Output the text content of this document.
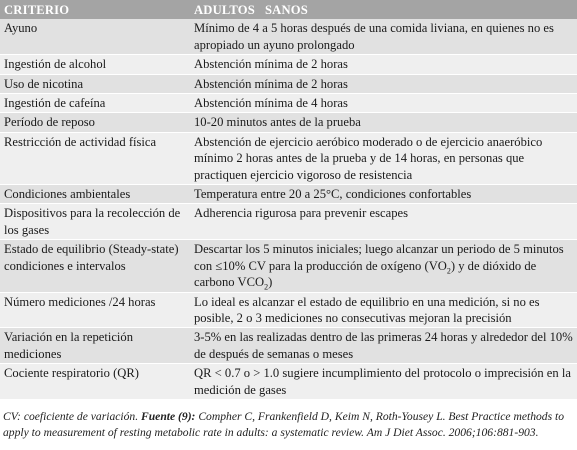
CRITERIO	ADULTOS   SANOS
Ayuno	Mínimo de 4 a 5 horas después de una comida liviana, en quienes no es apropiado un ayuno prolongado
Ingestión de alcohol	Abstención mínima de 2 horas
Uso de nicotina	Abstención mínima de 2 horas
Ingestión de cafeína	Abstención mínima de 4 horas
Período de reposo	10-20 minutos antes de la prueba
Restricción de actividad física	Abstención de ejercicio aeróbico moderado o de ejercicio anaeróbico mínimo 2 horas antes de la prueba y de 14 horas, en personas que practiquen ejercicio vigoroso de resistencia
Condiciones ambientales	Temperatura entre 20 a 25°C, condiciones confortables
Dispositivos para la recolección de los gases	Adherencia rigurosa para prevenir escapes
Estado de equilibrio (Steady-state) condiciones e intervalos	Descartar los 5 minutos iniciales; luego alcanzar un periodo de 5 minutos con ≤10% CV para la producción de oxígeno $(VO_2)$ y de dióxido de carbono $VCO_2$)
Número mediciones /24 horas	Lo ideal es alcanzar el estado de equilibrio en una medición, si no es posible, 2 o 3 mediciones no consecutivas mejoran la precisión
Variación en la repetición mediciones	3-5% en las realizadas dentro de las primeras 24 horas y alrededor del 10% de después de semanas o meses
Cociente respiratorio (QR)	QR < 0.7 o > 1.0 sugiere incumplimiento del protocolo o imprecisión en la medición de gases
CV: coeficiente de variación. Fuente (9): Compher C, Frankenfield D, Keim N, Roth-Yousey L. Best Practice methods to apply to measurement of resting metabolic rate in adults: a systematic review. Am J Diet Assoc. 2006;106:881-903.
